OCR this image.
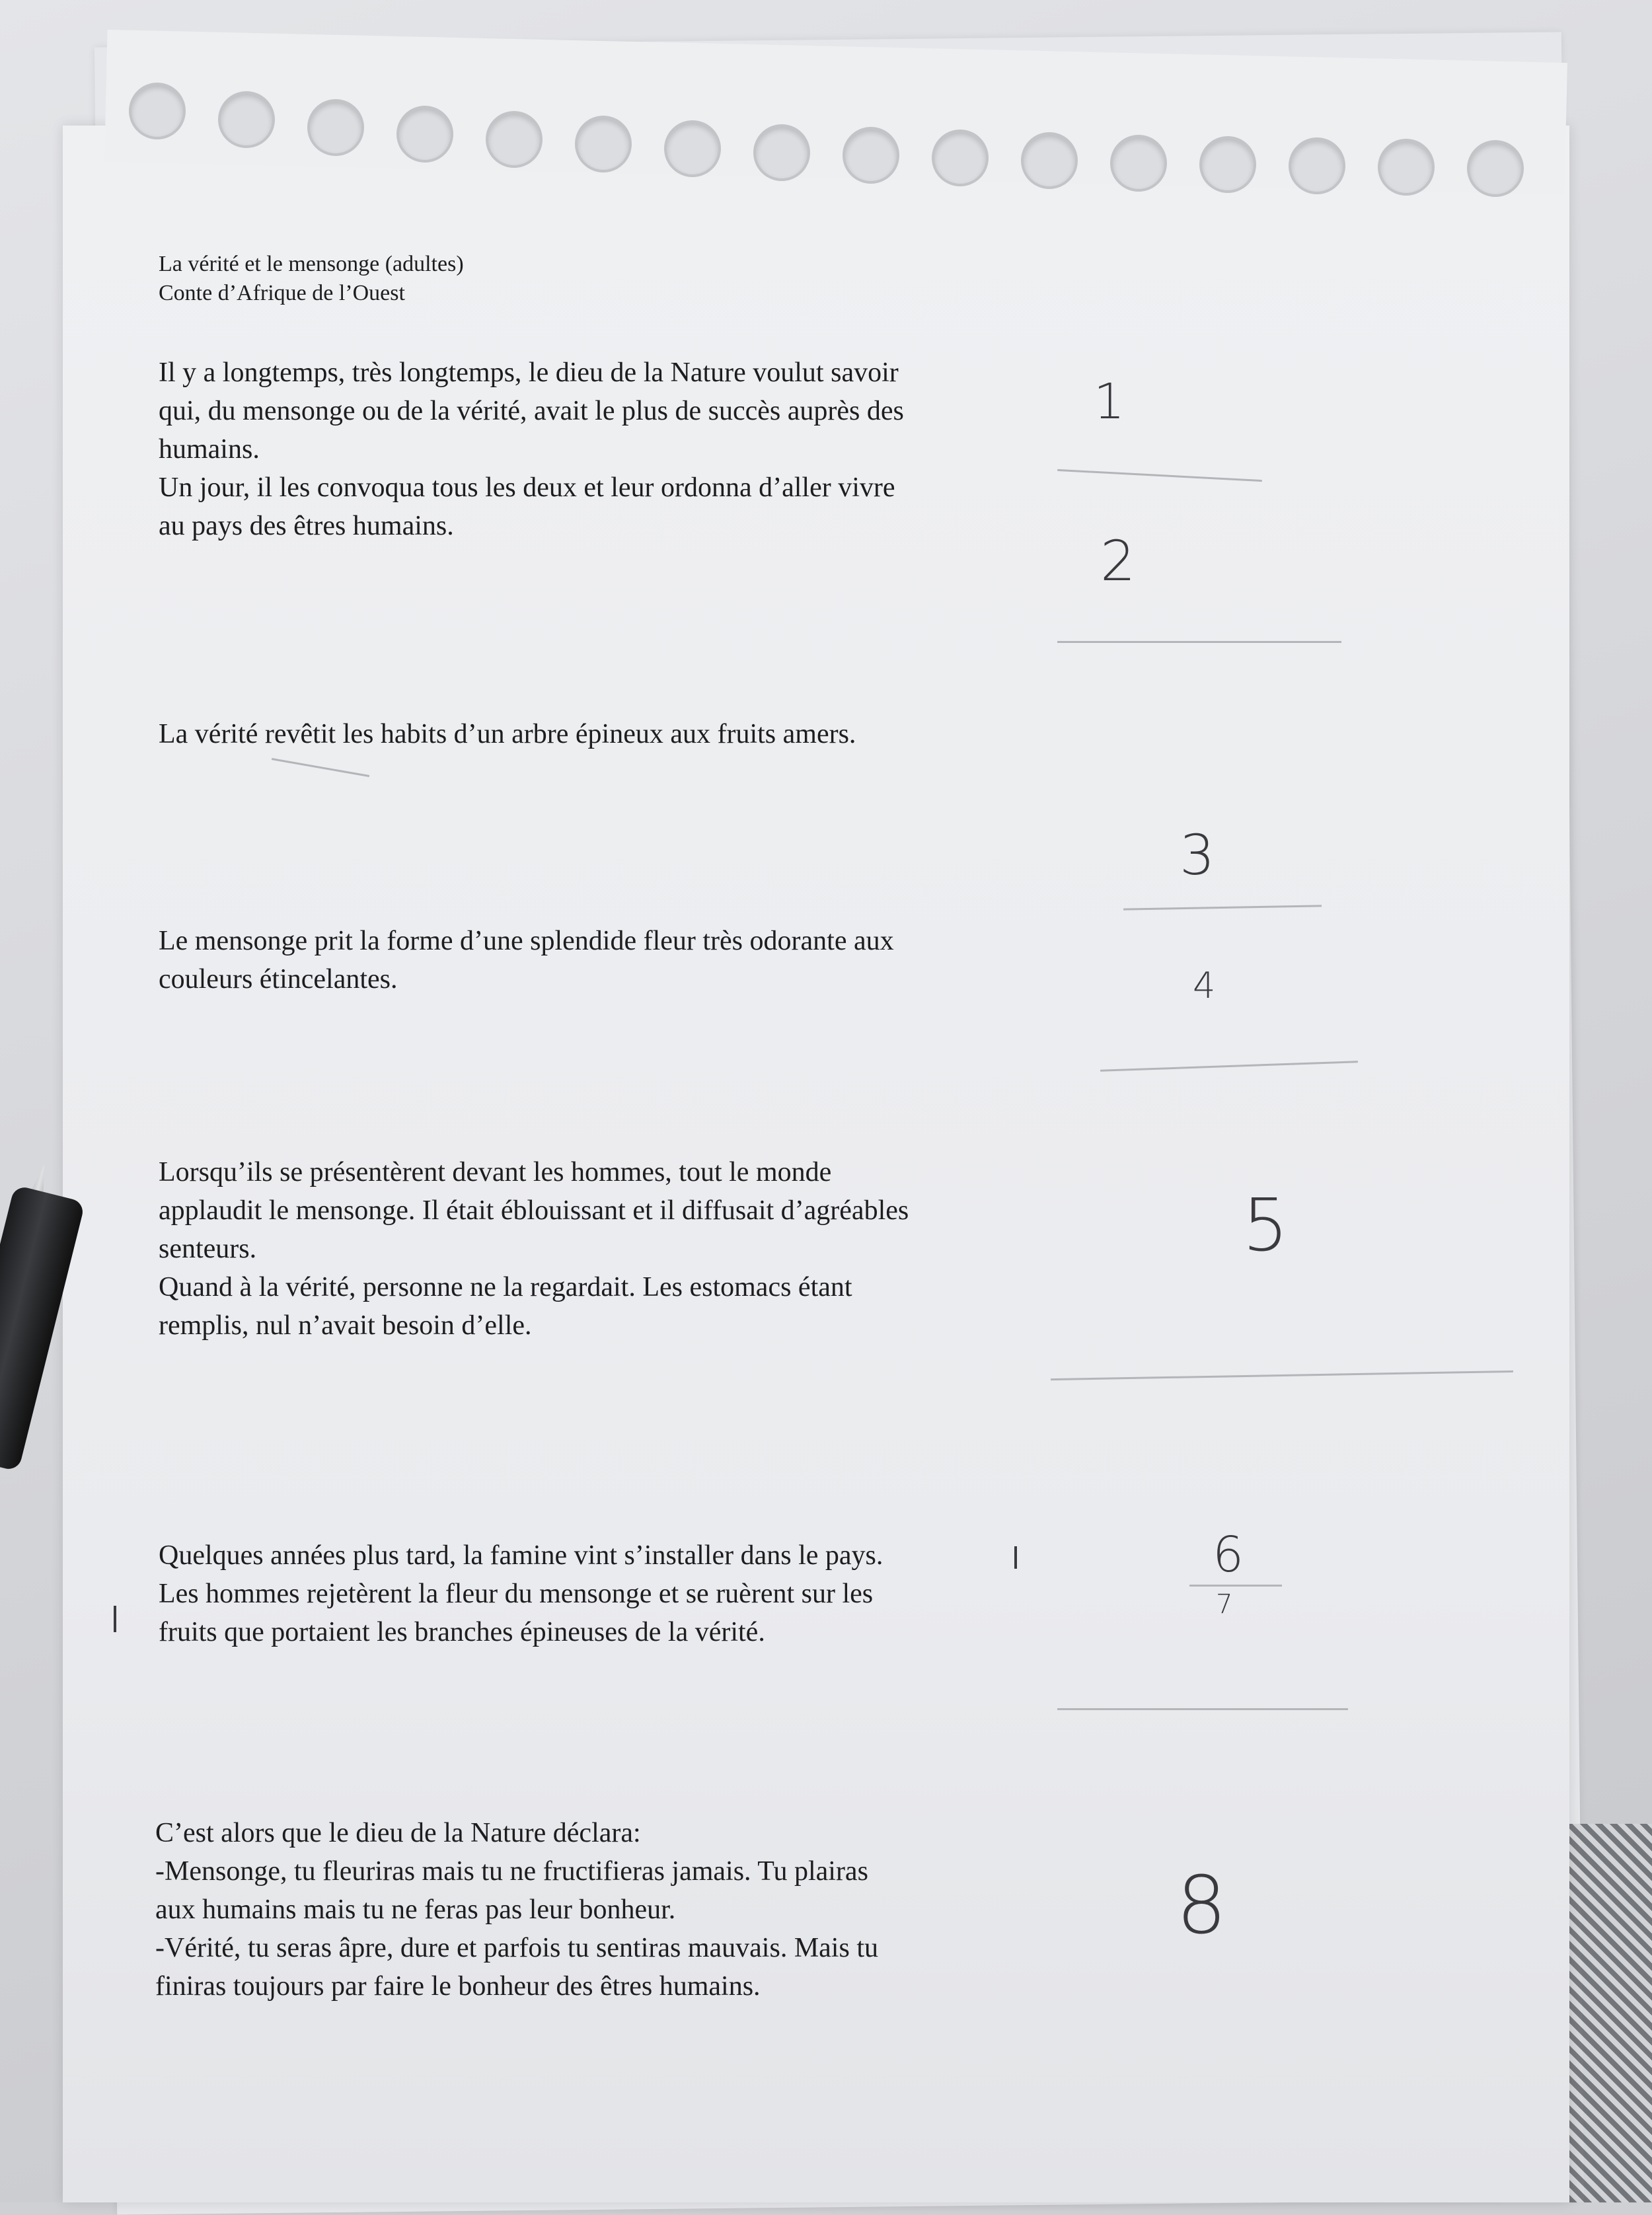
La vérité et le mensonge (adultes)
Conte d’Afrique de l’Ouest
Il y a longtemps, très longtemps, le dieu de la Nature voulut savoir
qui, du mensonge ou de la vérité, avait le plus de succès auprès des
humains.
Un jour, il les convoqua tous les deux et leur ordonna d’aller vivre
au pays des êtres humains.
La vérité revêtit les habits d’un arbre épineux aux fruits amers.
Le mensonge prit la forme d’une splendide fleur très odorante aux
couleurs étincelantes.
Lorsqu’ils se présentèrent devant les hommes, tout le monde
applaudit le mensonge. Il était éblouissant et il diffusait d’agréables
senteurs.
Quand à la vérité, personne ne la regardait. Les estomacs étant
remplis, nul n’avait besoin d’elle.
Quelques années plus tard, la famine vint s’installer dans le pays.
Les hommes rejetèrent la fleur du mensonge et se ruèrent sur les
fruits que portaient les branches épineuses de la vérité.
C’est alors que le dieu de la Nature déclara:
-Mensonge, tu fleuriras mais tu ne fructifieras jamais. Tu plairas
aux humains mais tu ne feras pas leur bonheur.
-Vérité, tu seras âpre, dure et parfois tu sentiras mauvais. Mais tu
finiras toujours par faire le bonheur des êtres humains.
1
2
3
4
5
6
7
8
